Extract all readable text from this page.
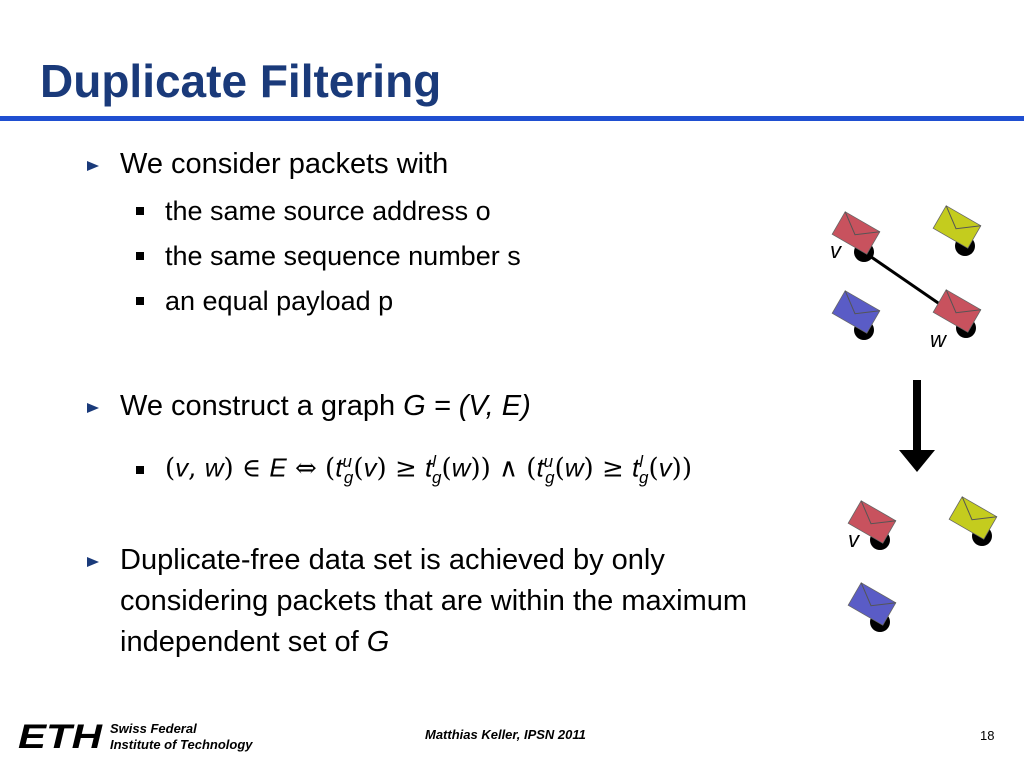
Duplicate Filtering
We consider packets with
the same source address o
the same sequence number s
an equal payload p
We construct a graph G = (V, E)
(v, w) ∈ E ⇔ $(t^u_g(v) \ge t^l_g(w))$ ∧ $(t^u_g(w) \ge t^l_g(v))$
Duplicate-free data set is achieved by only considering packets that are within the maximum independent set of G
v
w
v
ETH Swiss Federal
Institute of Technology
Matthias Keller, IPSN 2011	18
